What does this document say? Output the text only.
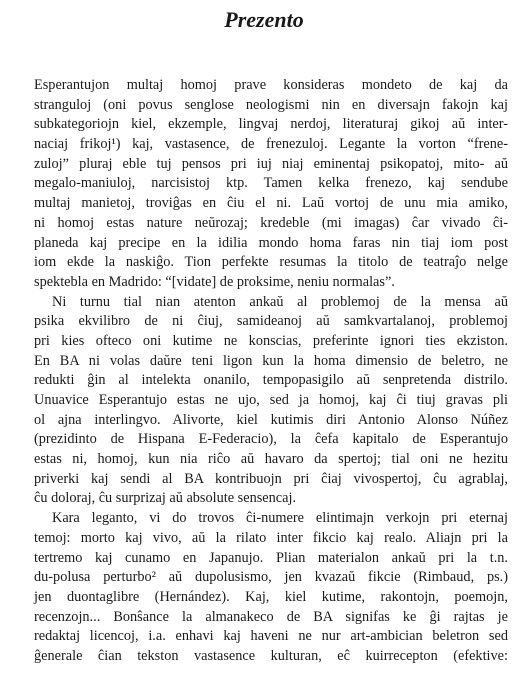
Prezento
Esperantujon multaj homoj prave konsideras mondeto de kaj da
stranguloj (oni povus senglose neologismi nin en diversajn fakojn kaj
subkategoriojn kiel, ekzemple, lingvaj nerdoj, literaturaj gikoj aŭ inter-
naciaj frikoj¹) kaj, vastasence, de frenezuloj. Legante la vorton “frene-
zuloj” pluraj eble tuj pensos pri iuj niaj eminentaj psikopatoj, mito- aŭ
megalo-maniuloj, narcisistoj ktp. Tamen kelka frenezo, kaj sendube
multaj manietoj, troviĝas en ĉiu el ni. Laŭ vortoj de unu mia amiko,
ni homoj estas nature neŭrozaj; kredeble (mi imagas) ĉar vivado ĉi-
planeda kaj precipe en la idilia mondo homa faras nin tiaj iom post
iom ekde la naskiĝo. Tion perfekte resumas la titolo de teatraĵo nelge
spektebla en Madrido: “[vidate] de proksime, neniu normalas”.
Ni turnu tial nian atenton ankaŭ al problemoj de la mensa aŭ
psika ekvilibro de ni ĉiuj, samideanoj aŭ samkvartalanoj, problemoj
pri kies ofteco oni kutime ne konscias, preferinte ignori ties ekziston.
En BA ni volas daŭre teni ligon kun la homa dimensio de beletro, ne
redukti ĝin al intelekta onanilo, tempopasigilo aŭ senpretenda distrilo.
Unuavice Esperantujo estas ne ujo, sed ja homoj, kaj ĉi tiuj gravas pli
ol ajna interlingvo. Alivorte, kiel kutimis diri Antonio Alonso Núñez
(prezidinto de Hispana E-Federacio), la ĉefa kapitalo de Esperantujo
estas ni, homoj, kun nia riĉo aŭ havaro da spertoj; tial oni ne hezitu
priverki kaj sendi al BA kontribuojn pri ĉiaj vivospertoj, ĉu agrablaj,
ĉu doloraj, ĉu surprizaj aŭ absolute sensencaj.
Kara leganto, vi do trovos ĉi-numere elintimajn verkojn pri eternaj
temoj: morto kaj vivo, aŭ la rilato inter fikcio kaj realo. Aliajn pri la
tertremo kaj cunamo en Japanujo. Plian materialon ankaŭ pri la t.n.
du-polusa perturbo² aŭ dupolusismo, jen kvazaŭ fikcie (Rimbaud, ps.)
jen duontaglibre (Hernández). Kaj, kiel kutime, rakontojn, poemojn,
recenzojn... Bonŝance la almanakeco de BA signifas ke ĝi rajtas je
redaktaj licencoj, i.a. enhavi kaj haveni ne nur art-ambician beletron sed
ĝenerale ĉian tekston vastasence kulturan, eĉ kuirrecepton (efektive:
